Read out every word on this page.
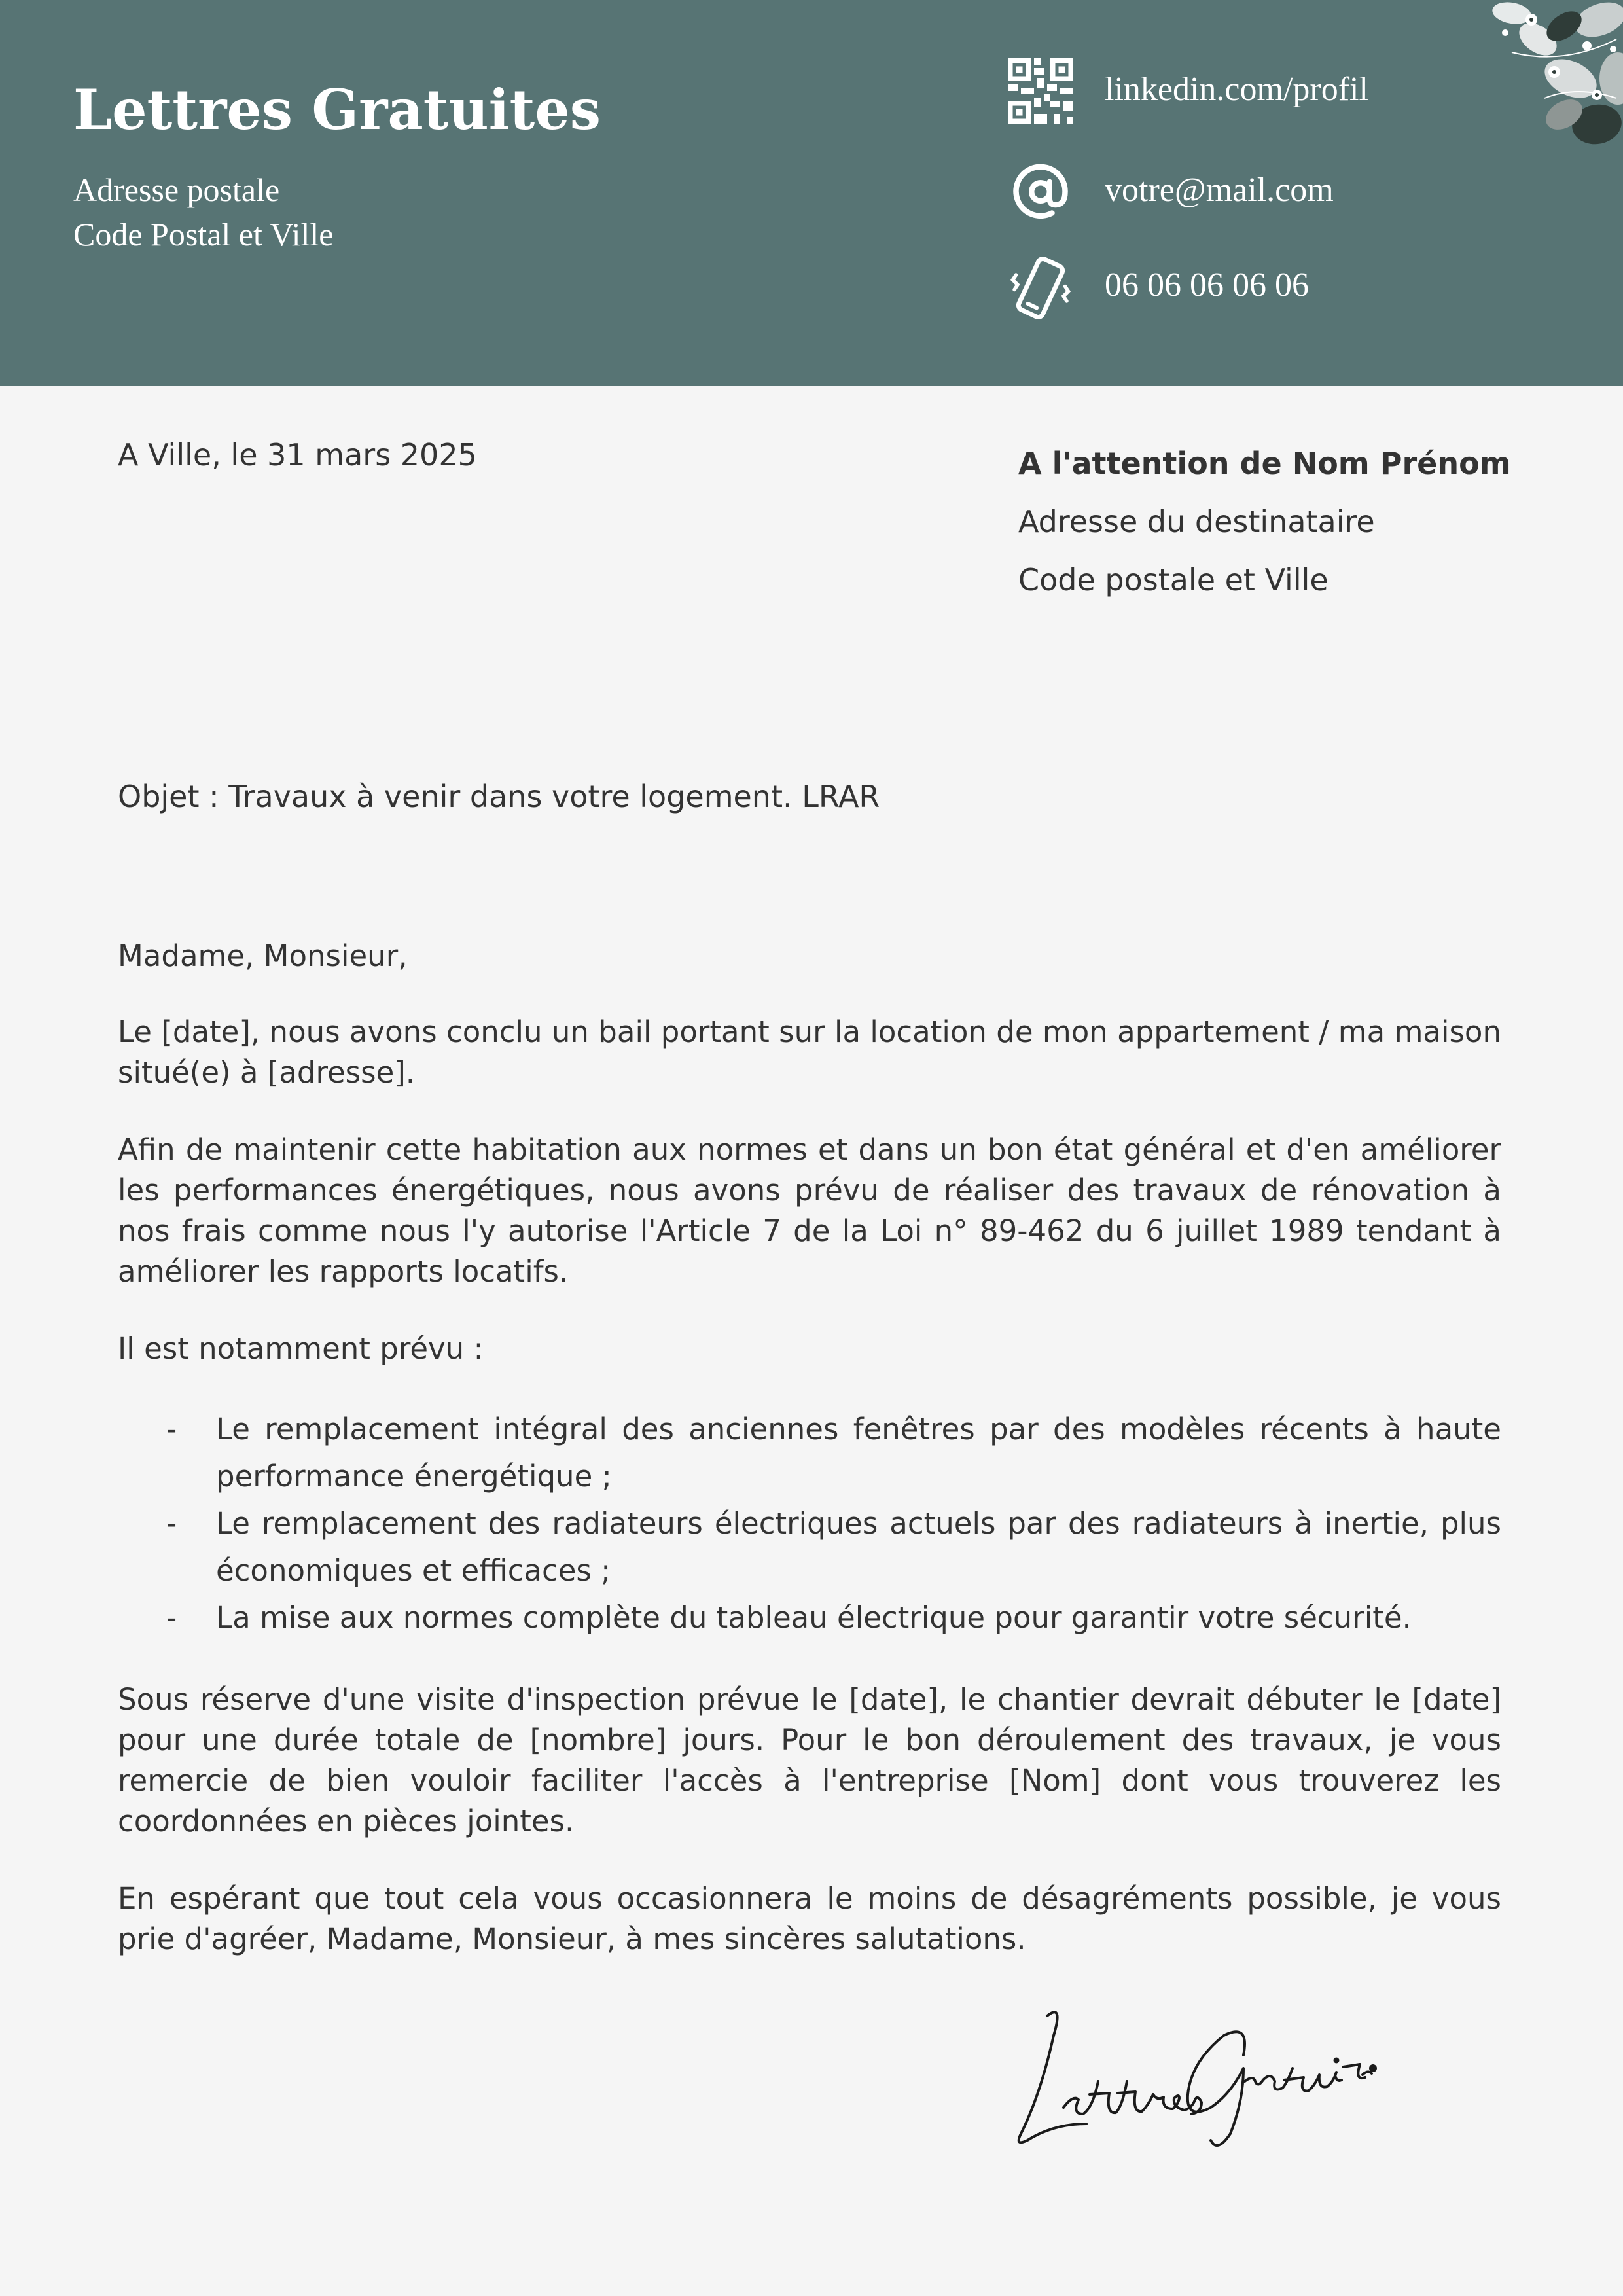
Lettres Gratuites
Adresse postale
Code Postal et Ville
linkedin.com/profil
votre@mail.com
06 06 06 06 06
A Ville, le 31 mars 2025	A l'attention de Nom Prénom
Adresse du destinataire
Code postale et Ville
Objet : Travaux à venir dans votre logement. LRAR

Madame, Monsieur,

Le [date], nous avons conclu un bail portant sur la location de mon appartement / ma maison situé(e) à [adresse].

Afin de maintenir cette habitation aux normes et dans un bon état général et d'en améliorer les performances énergétiques, nous avons prévu de réaliser des travaux de rénovation à nos frais comme nous l'y autorise l'Article 7 de la Loi n° 89-462 du 6 juillet 1989 tendant à améliorer les rapports locatifs.

Il est notamment prévu :

- Le remplacement intégral des anciennes fenêtres par des modèles récents à haute performance énergétique ;
- Le remplacement des radiateurs électriques actuels par des radiateurs à inertie, plus économiques et efficaces ;
- La mise aux normes complète du tableau électrique pour garantir votre sécurité.

Sous réserve d'une visite d'inspection prévue le [date], le chantier devrait débuter le [date] pour une durée totale de [nombre] jours. Pour le bon déroulement des travaux, je vous remercie de bien vouloir faciliter l'accès à l'entreprise [Nom] dont vous trouverez les coordonnées en pièces jointes.

En espérant que tout cela vous occasionnera le moins de désagréments possible, je vous prie d'agréer, Madame, Monsieur, à mes sincères salutations.
